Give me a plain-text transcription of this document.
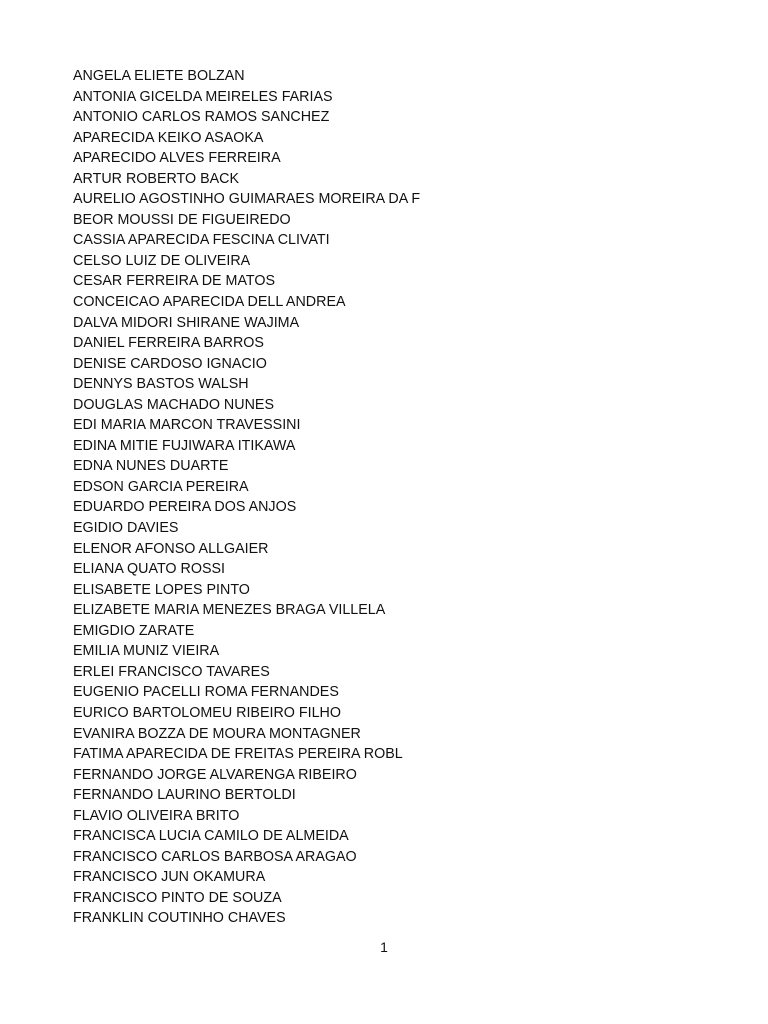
ANGELA ELIETE BOLZAN
ANTONIA GICELDA MEIRELES FARIAS
ANTONIO CARLOS RAMOS SANCHEZ
APARECIDA KEIKO ASAOKA
APARECIDO ALVES FERREIRA
ARTUR ROBERTO BACK
AURELIO AGOSTINHO GUIMARAES MOREIRA DA F
BEOR MOUSSI DE FIGUEIREDO
CASSIA APARECIDA FESCINA CLIVATI
CELSO LUIZ DE OLIVEIRA
CESAR FERREIRA DE MATOS
CONCEICAO APARECIDA DELL ANDREA
DALVA MIDORI SHIRANE WAJIMA
DANIEL FERREIRA BARROS
DENISE CARDOSO IGNACIO
DENNYS BASTOS WALSH
DOUGLAS MACHADO NUNES
EDI MARIA MARCON TRAVESSINI
EDINA MITIE FUJIWARA ITIKAWA
EDNA NUNES DUARTE
EDSON GARCIA PEREIRA
EDUARDO PEREIRA DOS ANJOS
EGIDIO DAVIES
ELENOR AFONSO ALLGAIER
ELIANA QUATO ROSSI
ELISABETE LOPES PINTO
ELIZABETE MARIA MENEZES BRAGA VILLELA
EMIGDIO ZARATE
EMILIA MUNIZ VIEIRA
ERLEI FRANCISCO TAVARES
EUGENIO PACELLI ROMA FERNANDES
EURICO BARTOLOMEU RIBEIRO FILHO
EVANIRA BOZZA DE MOURA MONTAGNER
FATIMA APARECIDA DE FREITAS PEREIRA ROBL
FERNANDO JORGE ALVARENGA RIBEIRO
FERNANDO LAURINO BERTOLDI
FLAVIO OLIVEIRA BRITO
FRANCISCA LUCIA CAMILO DE ALMEIDA
FRANCISCO CARLOS BARBOSA ARAGAO
FRANCISCO JUN OKAMURA
FRANCISCO PINTO DE SOUZA
FRANKLIN COUTINHO CHAVES
1
